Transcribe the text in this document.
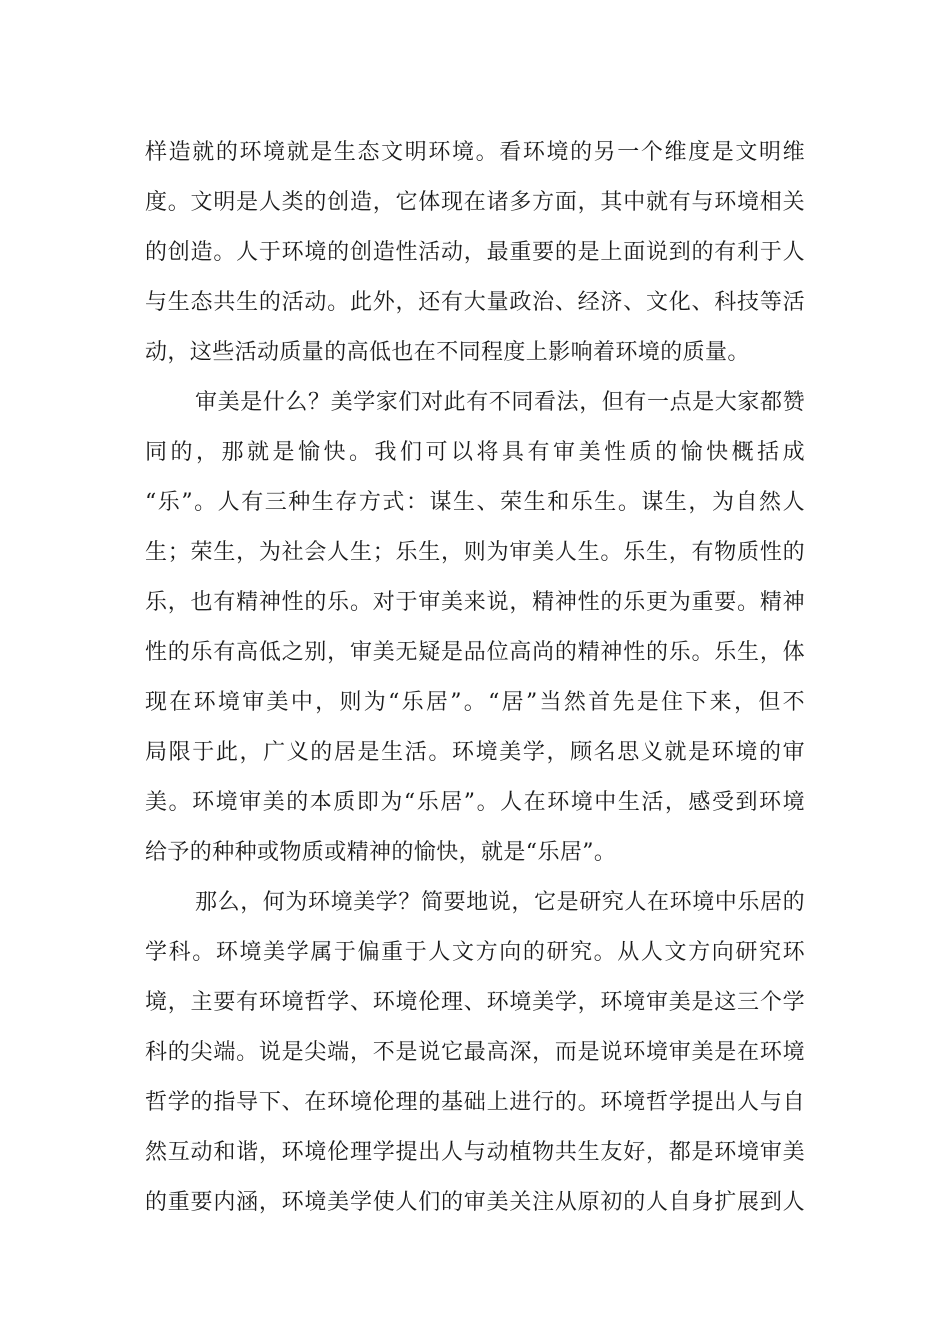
样造就的环境就是生态文明环境。看环境的另一个维度是文明维
度。文明是人类的创造，它体现在诸多方面，其中就有与环境相关
的创造。人于环境的创造性活动，最重要的是上面说到的有利于人
与生态共生的活动。此外，还有大量政治、经济、文化、科技等活
动，这些活动质量的高低也在不同程度上影响着环境的质量。
审美是什么？美学家们对此有不同看法，但有一点是大家都赞
同的，那就是愉快。我们可以将具有审美性质的愉快概括成
“乐”。人有三种生存方式：谋生、荣生和乐生。谋生，为自然人
生；荣生，为社会人生；乐生，则为审美人生。乐生，有物质性的
乐，也有精神性的乐。对于审美来说，精神性的乐更为重要。精神
性的乐有高低之别，审美无疑是品位高尚的精神性的乐。乐生，体
现在环境审美中，则为“乐居”。“居”当然首先是住下来，但不
局限于此，广义的居是生活。环境美学，顾名思义就是环境的审
美。环境审美的本质即为“乐居”。人在环境中生活，感受到环境
给予的种种或物质或精神的愉快，就是“乐居”。
那么，何为环境美学？简要地说，它是研究人在环境中乐居的
学科。环境美学属于偏重于人文方向的研究。从人文方向研究环
境，主要有环境哲学、环境伦理、环境美学，环境审美是这三个学
科的尖端。说是尖端，不是说它最高深，而是说环境审美是在环境
哲学的指导下、在环境伦理的基础上进行的。环境哲学提出人与自
然互动和谐，环境伦理学提出人与动植物共生友好，都是环境审美
的重要内涵，环境美学使人们的审美关注从原初的人自身扩展到人
